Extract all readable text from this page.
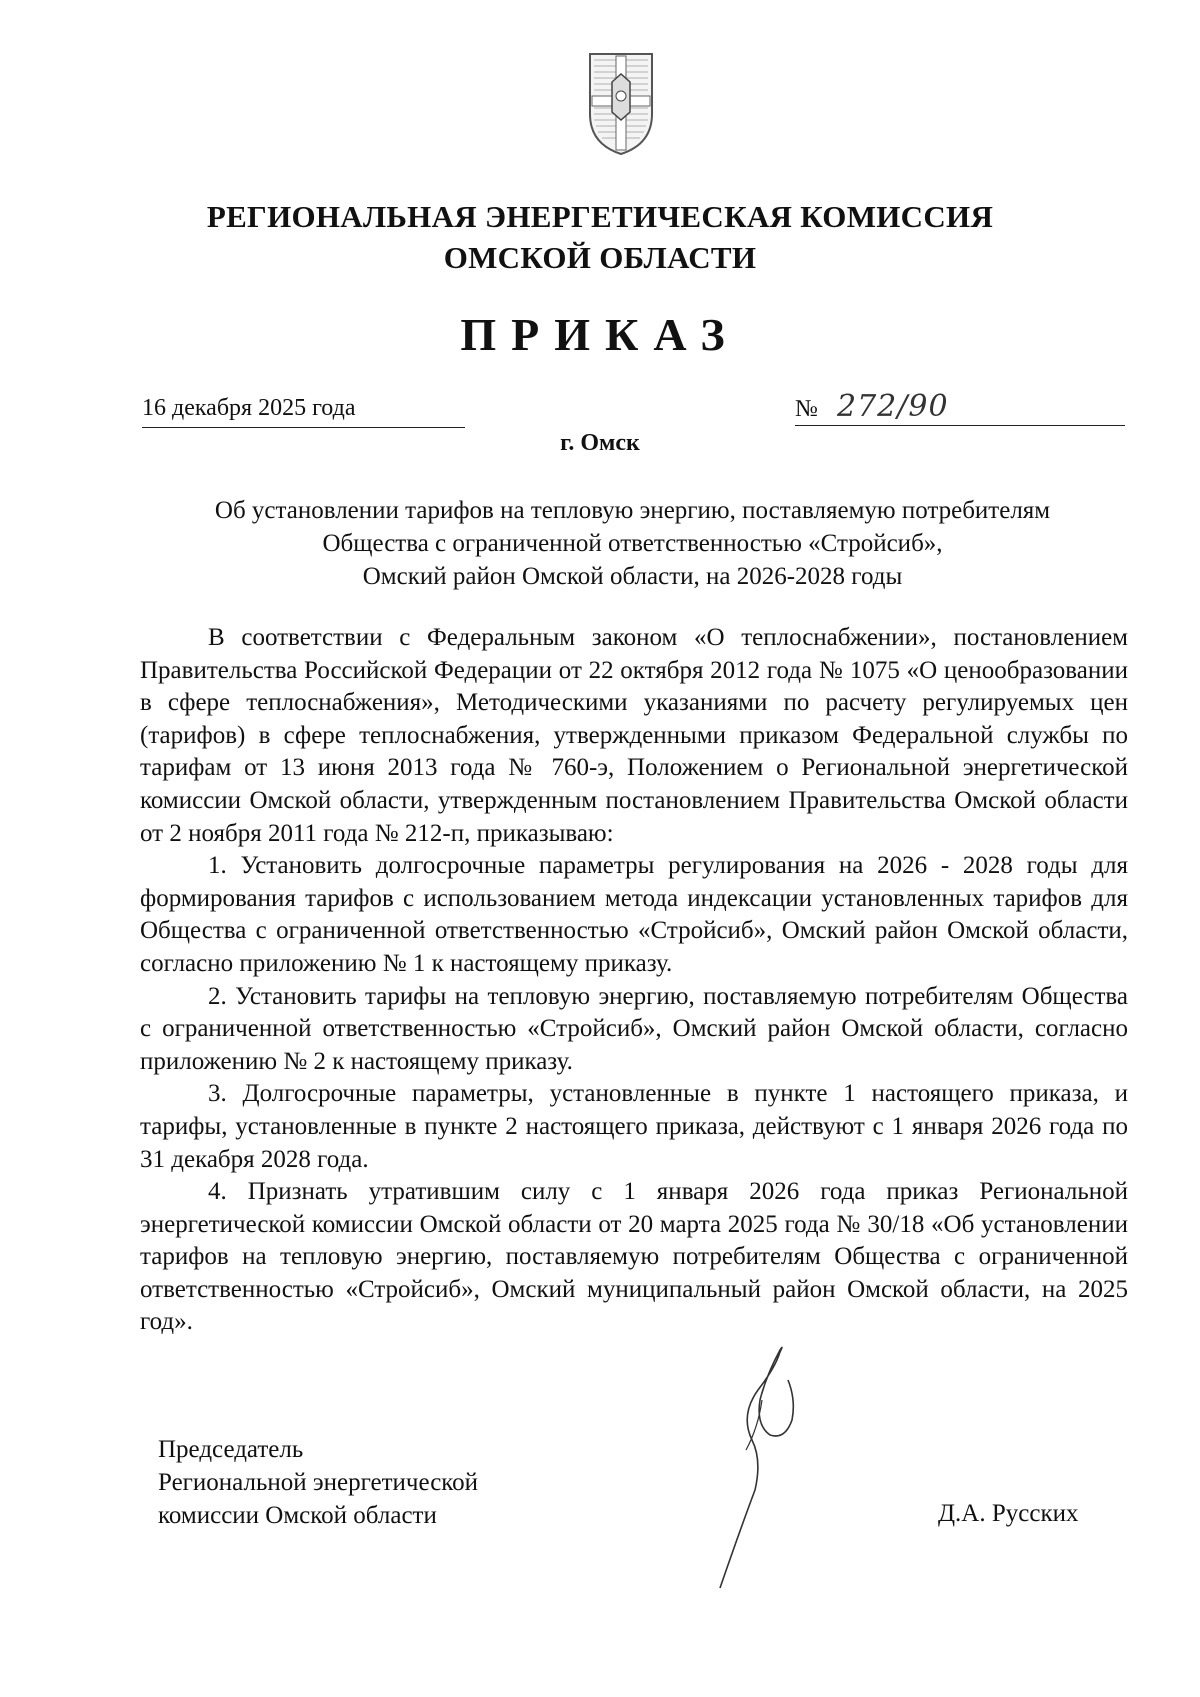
РЕГИОНАЛЬНАЯ ЭНЕРГЕТИЧЕСКАЯ КОМИССИЯ
ОМСКОЙ ОБЛАСТИ
ПРИКАЗ
16 декабря 2025 года	№ 272/90
г. Омск
Об установлении тарифов на тепловую энергию, поставляемую потребителям
Общества с ограниченной ответственностью «Стройсиб»,
Омский район Омской области, на 2026-2028 годы

В соответствии с Федеральным законом «О теплоснабжении», постановлением Правительства Российской Федерации от 22 октября 2012 года № 1075 «О ценообразовании в сфере теплоснабжения», Методическими указаниями по расчету регулируемых цен (тарифов) в сфере теплоснабжения, утвержденными приказом Федеральной службы по тарифам от 13 июня 2013 года № 760-э, Положением о Региональной энергетической комиссии Омской области, утвержденным постановлением Правительства Омской области от 2 ноября 2011 года № 212-п, приказываю:

1. Установить долгосрочные параметры регулирования на 2026 - 2028 годы для формирования тарифов с использованием метода индексации установленных тарифов для Общества с ограниченной ответственностью «Стройсиб», Омский район Омской области, согласно приложению № 1 к настоящему приказу.

2. Установить тарифы на тепловую энергию, поставляемую потребителям Общества с ограниченной ответственностью «Стройсиб», Омский район Омской области, согласно приложению № 2 к настоящему приказу.

3. Долгосрочные параметры, установленные в пункте 1 настоящего приказа, и тарифы, установленные в пункте 2 настоящего приказа, действуют с 1 января 2026 года по 31 декабря 2028 года.

4. Признать утратившим силу с 1 января 2026 года приказ Региональной энергетической комиссии Омской области от 20 марта 2025 года № 30/18 «Об установлении тарифов на тепловую энергию, поставляемую потребителям Общества с ограниченной ответственностью «Стройсиб», Омский муниципальный район Омской области, на 2025 год».

Председатель
Региональной энергетической
комиссии Омской области	Д.А. Русских
